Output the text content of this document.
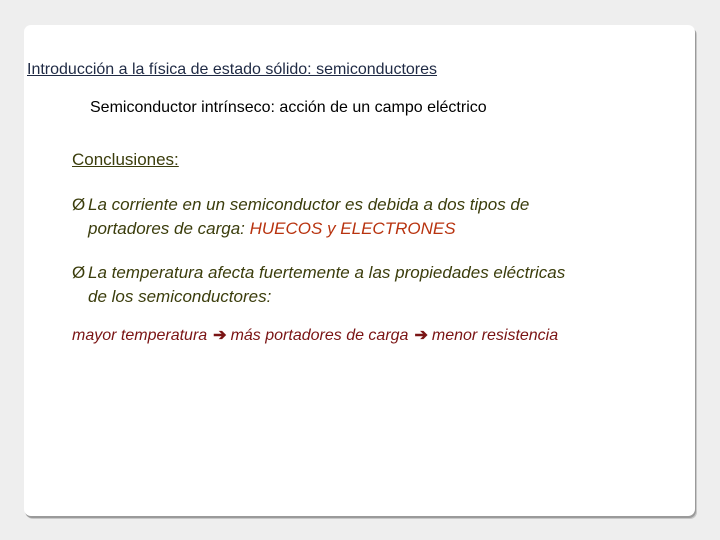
Introducción a la física de estado sólido: semiconductores
Semiconductor intrínseco: acción de un campo eléctrico
Conclusiones:
Ø La corriente en un semiconductor es debida a dos tipos de
portadores de carga: HUECOS y ELECTRONES
Ø La temperatura afecta fuertemente a las propiedades eléctricas
de los semiconductores:
mayor temperatura ➔ más portadores de carga ➔ menor resistencia
